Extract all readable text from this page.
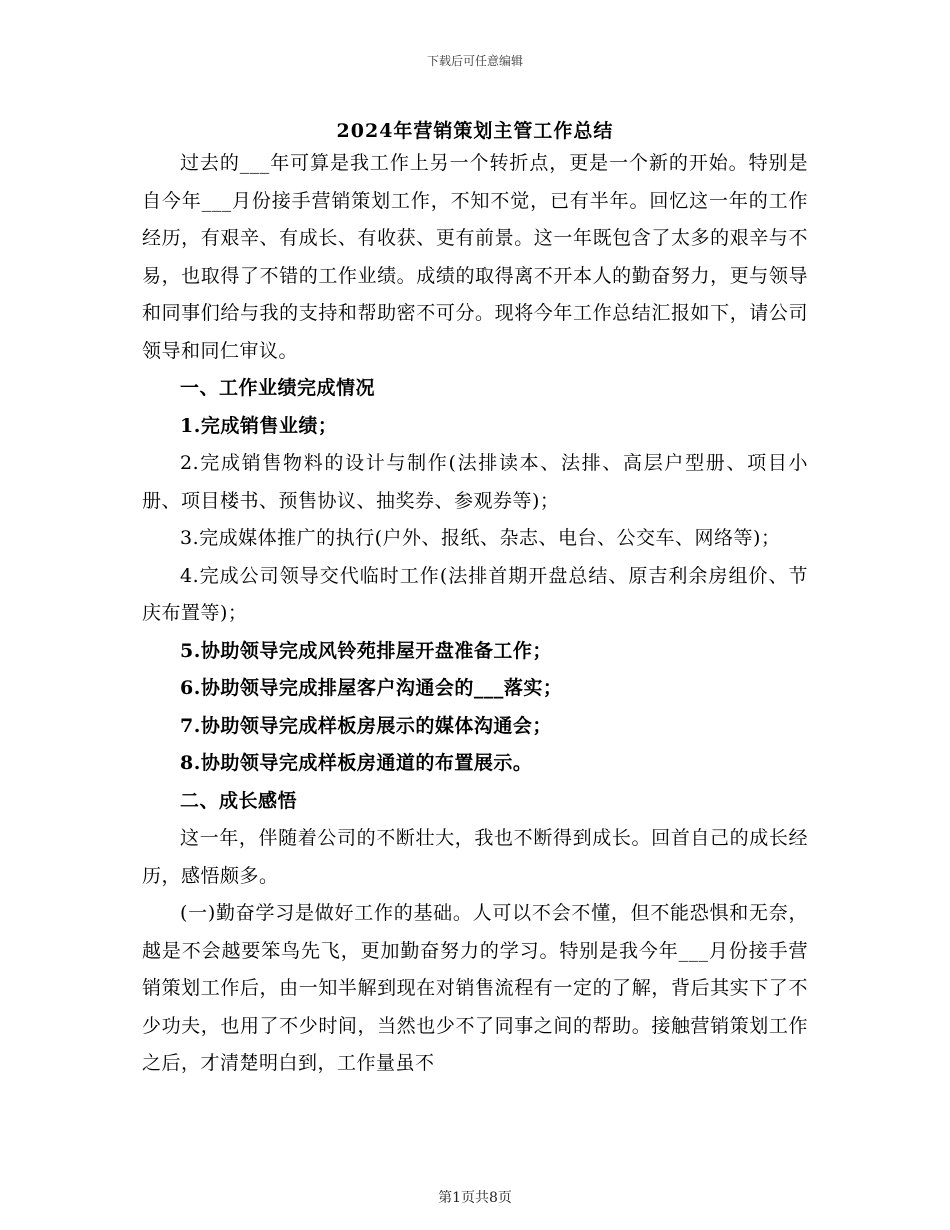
下载后可任意编辑
2024年营销策划主管工作总结

过去的___年可算是我工作上另一个转折点，更是一个新的开始。特别是自今年___月份接手营销策划工作，不知不觉，已有半年。回忆这一年的工作经历，有艰辛、有成长、有收获、更有前景。这一年既包含了太多的艰辛与不易，也取得了不错的工作业绩。成绩的取得离不开本人的勤奋努力，更与领导和同事们给与我的支持和帮助密不可分。现将今年工作总结汇报如下，请公司领导和同仁审议。

一、工作业绩完成情况

1.完成销售业绩；

2.完成销售物料的设计与制作(法排读本、法排、高层户型册、项目小册、项目楼书、预售协议、抽奖券、参观券等)；

3.完成媒体推广的执行(户外、报纸、杂志、电台、公交车、网络等)；

4.完成公司领导交代临时工作(法排首期开盘总结、原吉利余房组价、节庆布置等)；

5.协助领导完成风铃苑排屋开盘准备工作；

6.协助领导完成排屋客户沟通会的___落实；

7.协助领导完成样板房展示的媒体沟通会；

8.协助领导完成样板房通道的布置展示。

二、成长感悟

这一年，伴随着公司的不断壮大，我也不断得到成长。回首自己的成长经历，感悟颇多。

(一)勤奋学习是做好工作的基础。人可以不会不懂，但不能恐惧和无奈，越是不会越要笨鸟先飞，更加勤奋努力的学习。特别是我今年___月份接手营销策划工作后，由一知半解到现在对销售流程有一定的了解，背后其实下了不少功夫，也用了不少时间，当然也少不了同事之间的帮助。接触营销策划工作之后，才清楚明白到，工作量虽不

第1页共8页
